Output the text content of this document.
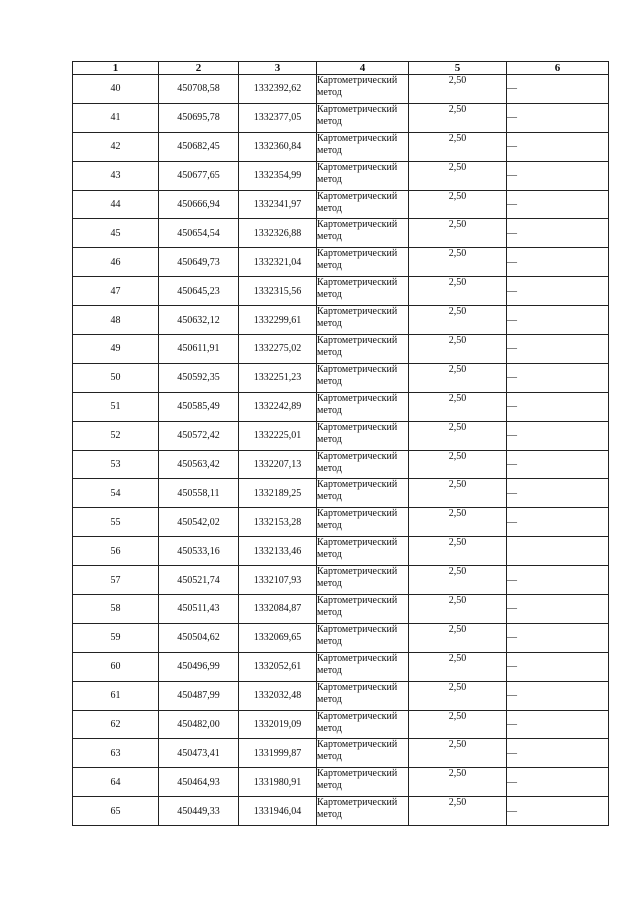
1	2	3	4	5	6
40	450708,58	1332392,62	Картометрический метод	2,50	—
41	450695,78	1332377,05	Картометрический метод	2,50	—
42	450682,45	1332360,84	Картометрический метод	2,50	—
43	450677,65	1332354,99	Картометрический метод	2,50	—
44	450666,94	1332341,97	Картометрический метод	2,50	—
45	450654,54	1332326,88	Картометрический метод	2,50	—
46	450649,73	1332321,04	Картометрический метод	2,50	—
47	450645,23	1332315,56	Картометрический метод	2,50	—
48	450632,12	1332299,61	Картометрический метод	2,50	—
49	450611,91	1332275,02	Картометрический метод	2,50	—
50	450592,35	1332251,23	Картометрический метод	2,50	—
51	450585,49	1332242,89	Картометрический метод	2,50	—
52	450572,42	1332225,01	Картометрический метод	2,50	—
53	450563,42	1332207,13	Картометрический метод	2,50	—
54	450558,11	1332189,25	Картометрический метод	2,50	—
55	450542,02	1332153,28	Картометрический метод	2,50	—
56	450533,16	1332133,46	Картометрический метод	2,50	
57	450521,74	1332107,93	Картометрический метод	2,50	—
58	450511,43	1332084,87	Картометрический метод	2,50	—
59	450504,62	1332069,65	Картометрический метод	2,50	—
60	450496,99	1332052,61	Картометрический метод	2,50	—
61	450487,99	1332032,48	Картометрический метод	2,50	—
62	450482,00	1332019,09	Картометрический метод	2,50	—
63	450473,41	1331999,87	Картометрический метод	2,50	—
64	450464,93	1331980,91	Картометрический метод	2,50	—
65	450449,33	1331946,04	Картометрический метод	2,50	—
